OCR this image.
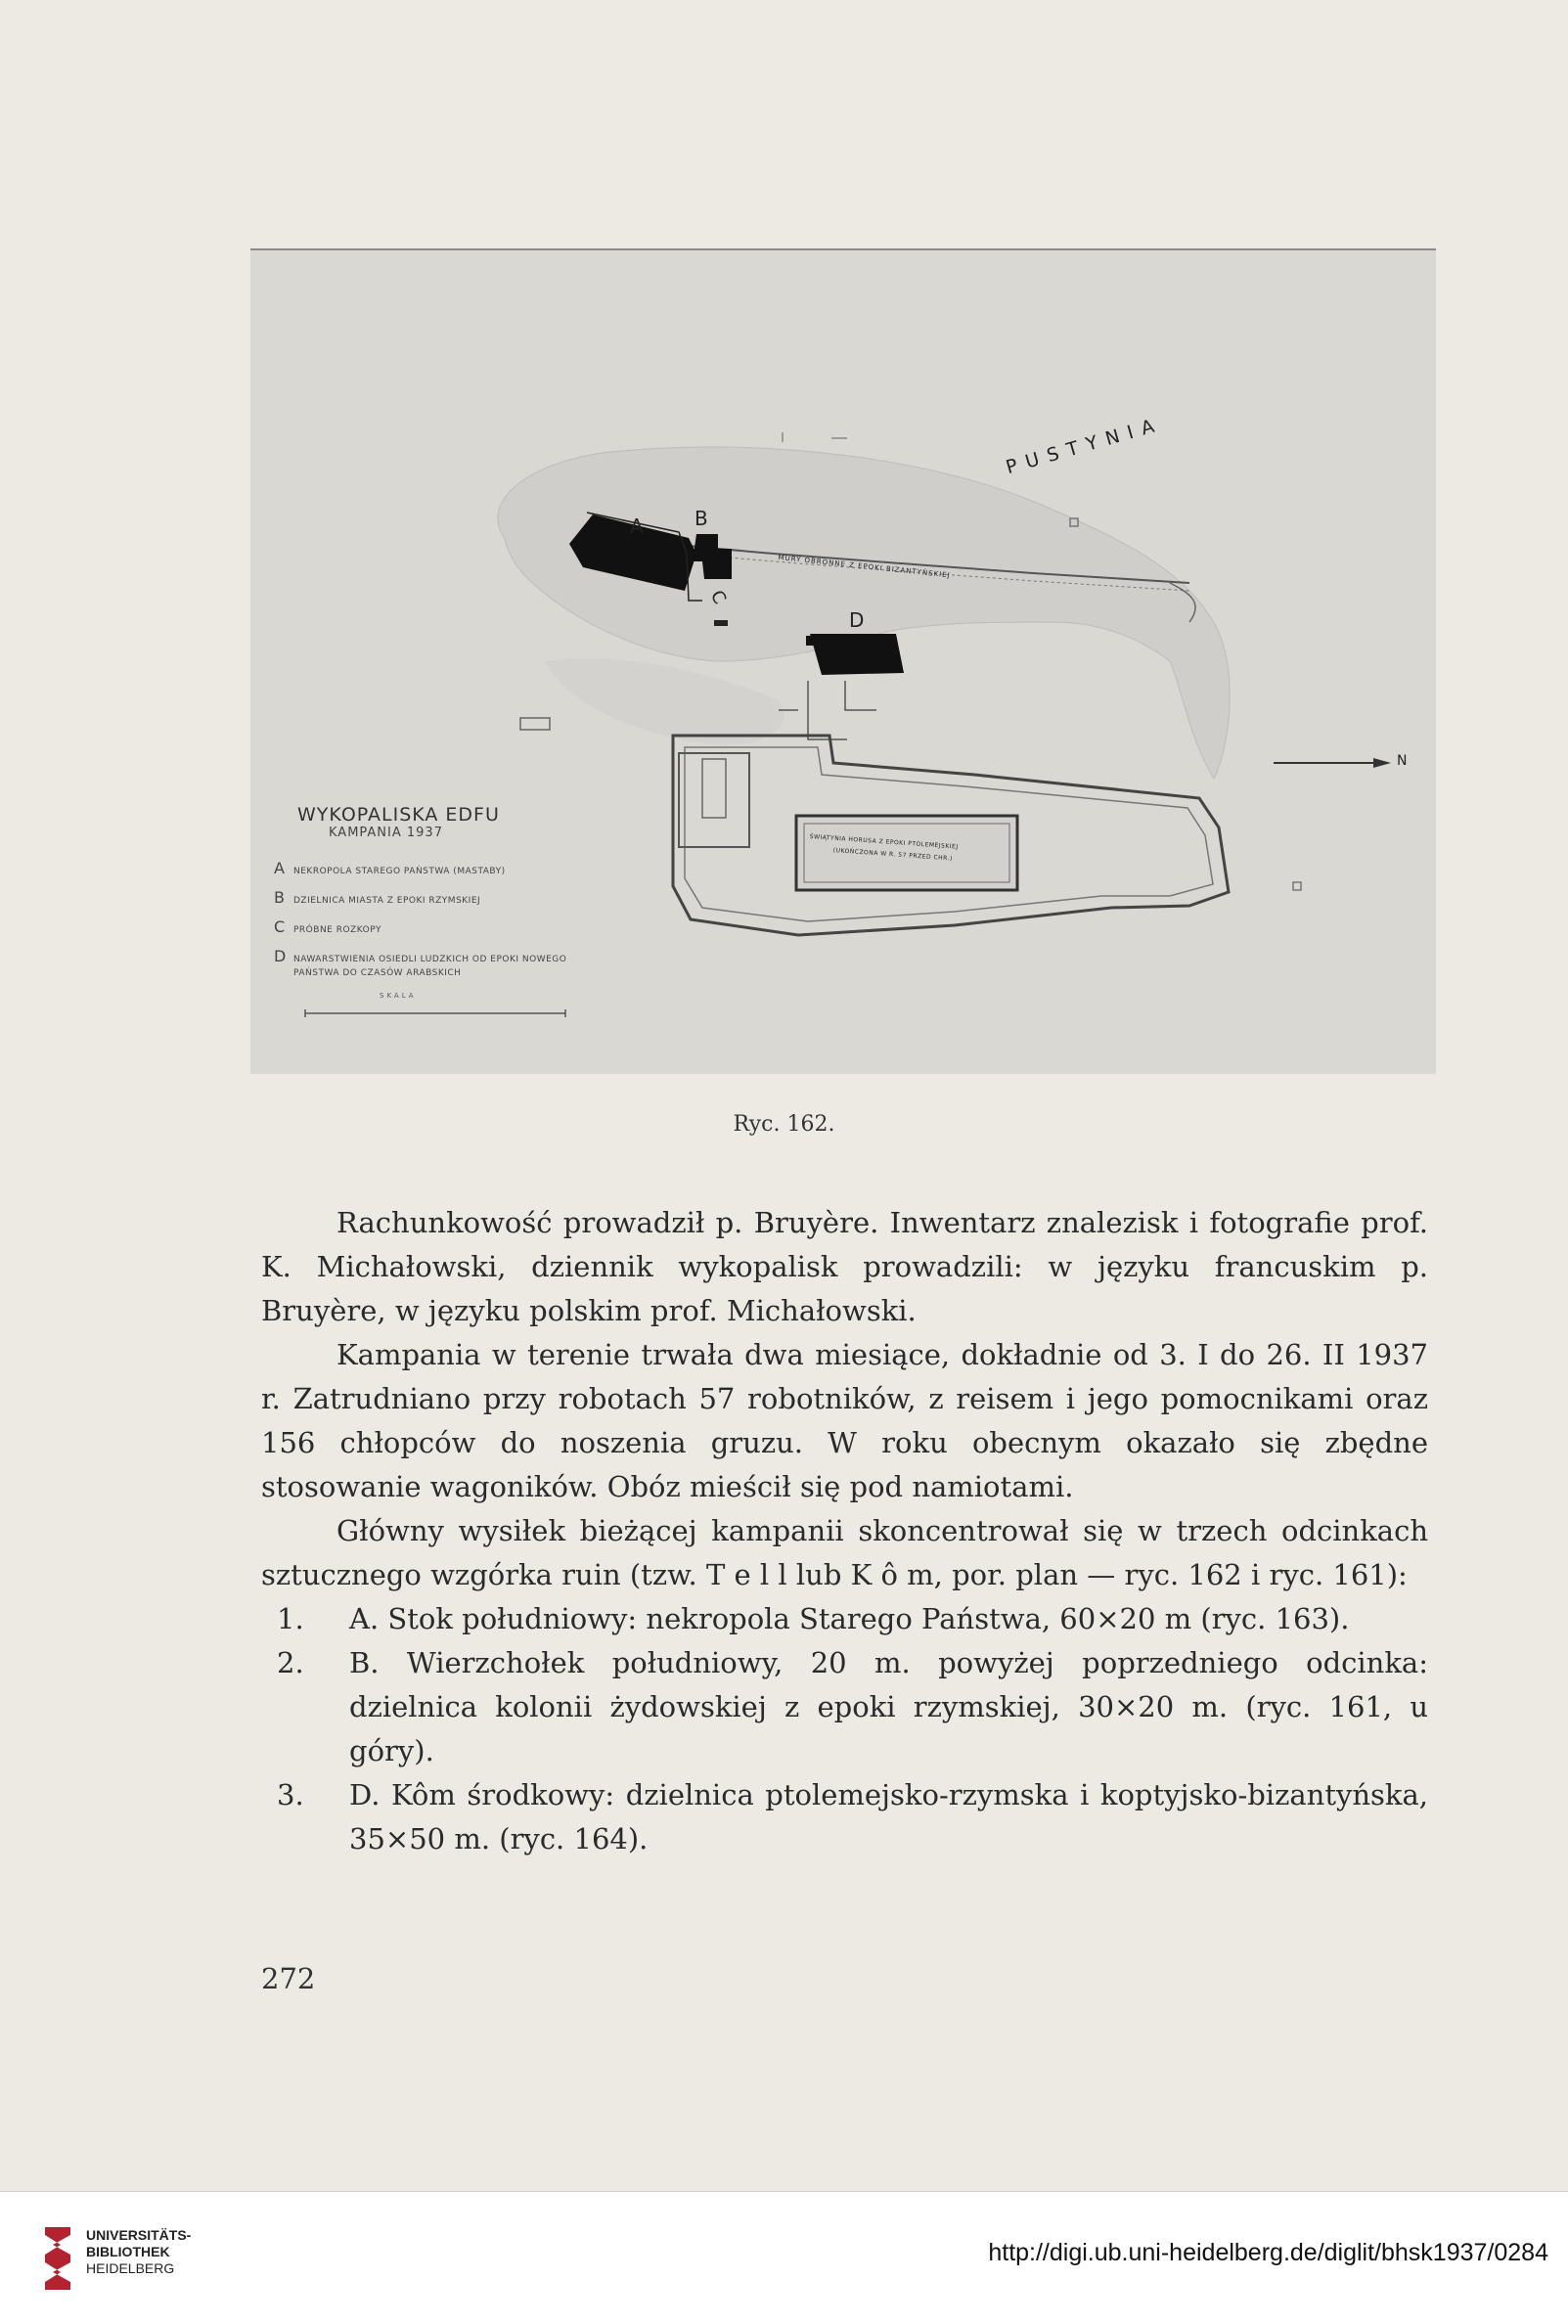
PUSTYNIA
MURY OBRONNE Z EPOKI BIZANTYŃSKIEJ
A	B
C
D
ŚWIĄTYNIA HORUSA Z EPOKI PTOLEMEJSKIEJ
(UKOŃCZONA W R. 57 PRZED CHR.)
N
WYKOPALISKA EDFU
KAMPANIA 1937
A	NEKROPOLA STAREGO PAŃSTWA (MASTABY)
B	DZIELNICA MIASTA Z EPOKI RZYMSKIEJ
C PRÓBNE ROZKOPY
D NAWARSTWIENIA OSIEDLI LUDZKICH OD EPOKI NOWEGO PAŃSTWA DO CZASÓW ARABSKICH
SKALA
Ryc. 162.

Rachunkowość prowadził p. Bruyère. Inwentarz znalezisk i fotografie prof. K. Michałowski, dziennik wykopalisk prowadzili: w języku francuskim p. Bruyère, w języku polskim prof. Michałowski.

Kampania w terenie trwała dwa miesiące, dokładnie od 3. I do 26. II 1937 r. Zatrudniano przy robotach 57 robotników, z reisem i jego pomocnikami oraz 156 chłopców do noszenia gruzu. W roku obecnym okazało się zbędne stosowanie wagoników. Obóz mieścił się pod namiotami.

Główny wysiłek bieżącej kampanii skoncentrował się w trzech odcinkach sztucznego wzgórka ruin (tzw. T e l l lub K ô m, por. plan — ryc. 162 i ryc. 161):

1.	A. Stok południowy: nekropola Starego Państwa, 60×20 m (ryc. 163).
2.	B. Wierzchołek południowy, 20 m. powyżej poprzedniego odcinka: dzielnica kolonii żydowskiej z epoki rzymskiej, 30×20 m. (ryc. 161, u góry).
3.	D. Kôm środkowy: dzielnica ptolemejsko-rzymska i koptyjsko-bizantyńska, 35×50 m. (ryc. 164).
272
UNIVERSITÄTS-
BIBLIOTHEK
HEIDELBERG
http://digi.ub.uni-heidelberg.de/diglit/bhsk1937/0284
